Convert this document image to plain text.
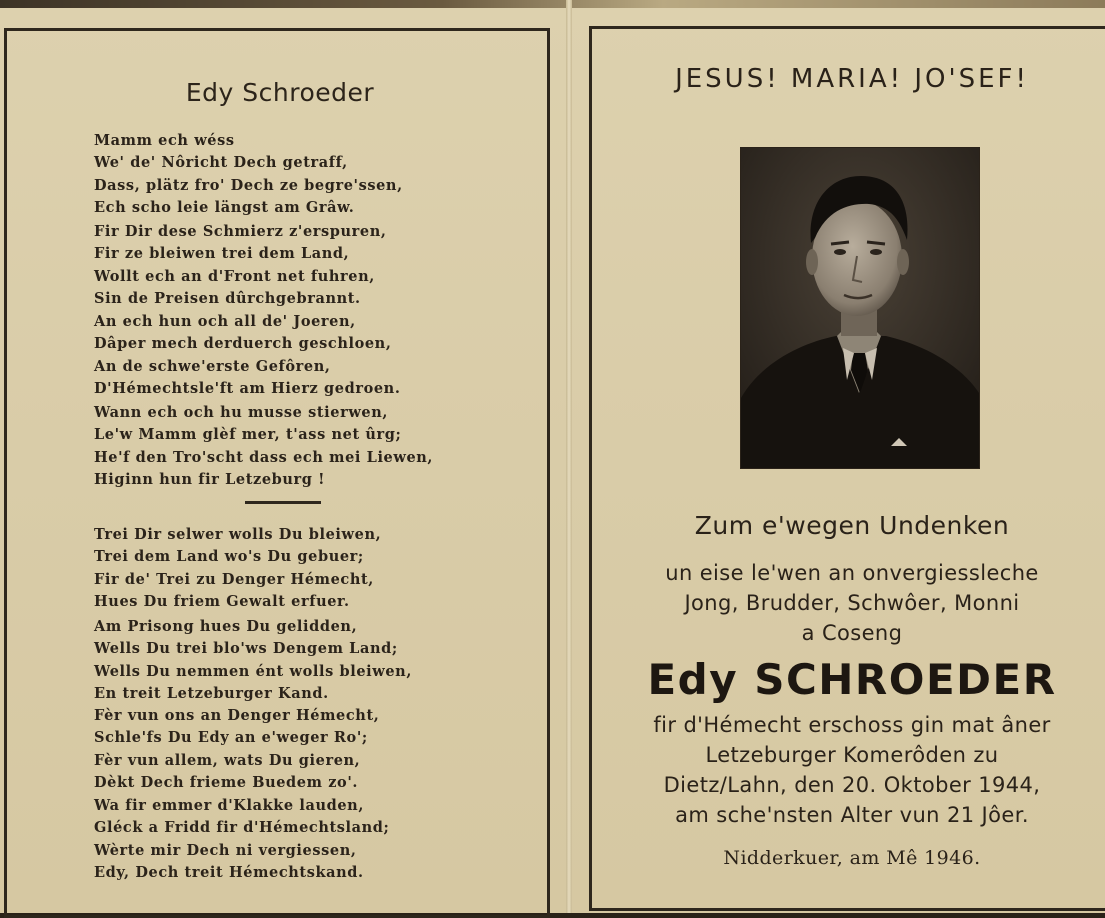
Edy Schroeder
Mamm ech wéss
We' de' Nôricht Dech getraff,
Dass, plätz fro' Dech ze begre'ssen,
Ech scho leie längst am Grâw.
Fir Dir dese Schmierz z'erspuren,
Fir ze bleiwen trei dem Land,
Wollt ech an d'Front net fuhren,
Sin de Preisen dûrchgebrannt.
An ech hun och all de' Joeren,
Dâper mech derduerch geschloen,
An de schwe'erste Gefôren,
D'Hémechtsle'ft am Hierz gedroen.
Wann ech och hu musse stierwen,
Le'w Mamm glèf mer, t'ass net ûrg;
He'f den Tro'scht dass ech mei Liewen,
Higinn hun fir Letzeburg !
Trei Dir selwer wolls Du bleiwen,
Trei dem Land wo's Du gebuer;
Fir de' Trei zu Denger Hémecht,
Hues Du friem Gewalt erfuer.
Am Prisong hues Du gelidden,
Wells Du trei blo'ws Dengem Land;
Wells Du nemmen ént wolls bleiwen,
En treit Letzeburger Kand.
Fèr vun ons an Denger Hémecht,
Schle'fs Du Edy an e'weger Ro';
Fèr vun allem, wats Du gieren,
Dèkt Dech frieme Buedem zo'.
Wa fir emmer d'Klakke lauden,
Gléck a Fridd fir d'Hémechtsland;
Wèrte mir Dech ni vergiessen,
Edy, Dech treit Hémechtskand.
JESUS! MARIA! JO'SEF!

Zum e'wegen Undenken

un eise le'wen an onvergiessleche

Jong, Brudder, Schwôer, Monni

a Coseng

Edy SCHROEDER

fir d'Hémecht erschoss gin mat âner

Letzeburger Komerôden zu

Dietz/Lahn, den 20. Oktober 1944,

am sche'nsten Alter vun 21 Jôer.

Nidderkuer, am Mê 1946.
